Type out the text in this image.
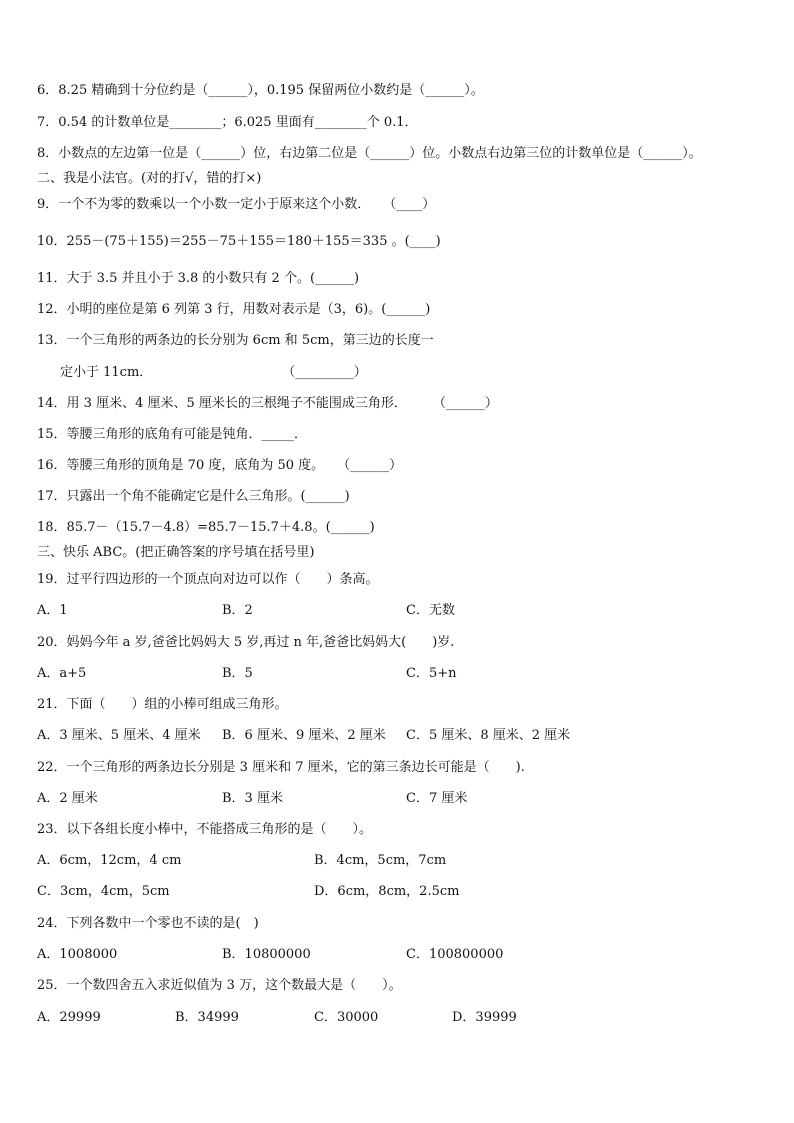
6．8.25 精确到十分位约是（______），0.195 保留两位小数约是（______）。
7．0.54 的计数单位是________；6.025 里面有________个 0.1．
8．小数点的左边第一位是（______）位，右边第二位是（______）位。小数点右边第三位的计数单位是（______）。
二、我是小法官。(对的打√，错的打×)
9．一个不为零的数乘以一个小数一定小于原来这个小数．　　（____）
10．255－(75＋155)＝255－75＋155＝180＋155＝335 。(____)
11．大于 3.5 并且小于 3.8 的小数只有 2 个。(______)
12．小明的座位是第 6 列第 3 行，用数对表示是（3，6)。(______)
13．一个三角形的两条边的长分别为 6cm 和 5cm，第三边的长度一
定小于 11cm．　　　　　　　　　　　（_________）
14．用 3 厘米、4 厘米、5 厘米长的三根绳子不能围成三角形．　　　（______）
15．等腰三角形的底角有可能是钝角．_____．
16．等腰三角形的顶角是 70 度，底角为 50 度。　　（______）
17．只露出一个角不能确定它是什么三角形。(______)
18．85.7－（15.7－4.8）=85.7－15.7＋4.8。(______)
三、快乐 ABC。(把正确答案的序号填在括号里)
19．过平行四边形的一个顶点向对边可以作（　　）条高。
A．1	B．2	C．无数
20．妈妈今年 a 岁,爸爸比妈妈大 5 岁,再过 n 年,爸爸比妈妈大(　　)岁.
A．a+5	B．5	C．5+n
21．下面（　　）组的小棒可组成三角形。
A．3 厘米、5 厘米、4 厘米 B．6 厘米、9 厘米、2 厘米 C．5 厘米、8 厘米、2 厘米
22．一个三角形的两条边长分别是 3 厘米和 7 厘米，它的第三条边长可能是（　　).
A．2 厘米	B．3 厘米	C．7 厘米
23．以下各组长度小棒中，不能搭成三角形的是（　　）。
A．6cm，12cm，4 cm	B．4cm，5cm，7cm
C．3cm，4cm，5cm	D．6cm，8cm，2.5cm
24．下列各数中一个零也不读的是(　)
A．1008000	B．10800000	C．100800000
25．一个数四舍五入求近似值为 3 万，这个数最大是（　　）。
A．29999	B．34999	C．30000	D．39999
